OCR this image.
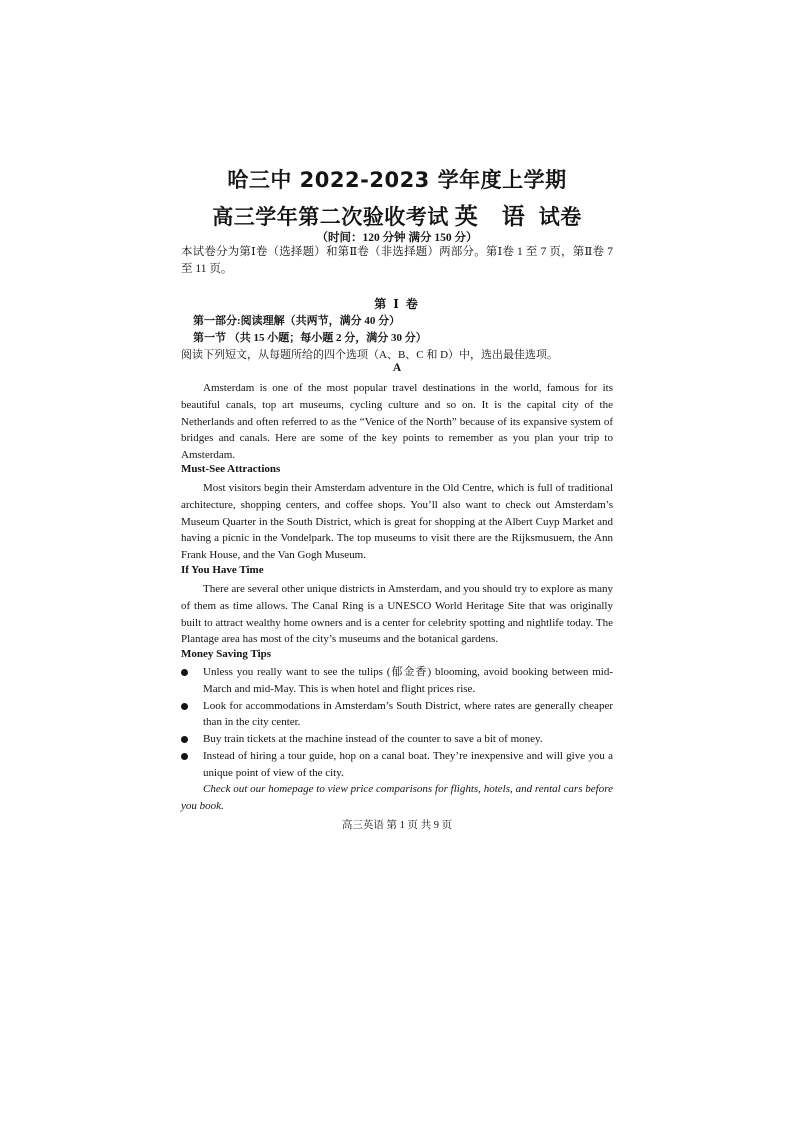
哈三中 2022-2023 学年度上学期
高三学年第二次验收考试 英 语 试卷
（时间：120 分钟 满分 150 分）
本试卷分为第Ⅰ卷（选择题）和第Ⅱ卷（非选择题）两部分。第Ⅰ卷 1 至 7 页，第Ⅱ卷 7 至 11 页。
第 Ⅰ 卷
第一部分:阅读理解（共两节，满分 40 分）
第一节 （共 15 小题；每小题 2 分，满分 30 分）
阅读下列短文，从每题所给的四个选项（A、B、C 和 D）中，选出最佳选项。
A
Amsterdam is one of the most popular travel destinations in the world, famous for its beautiful canals, top art museums, cycling culture and so on. It is the capital city of the Netherlands and often referred to as the “Venice of the North” because of its expansive system of bridges and canals. Here are some of the key points to remember as you plan your trip to Amsterdam.
Must-See Attractions
Most visitors begin their Amsterdam adventure in the Old Centre, which is full of traditional architecture, shopping centers, and coffee shops. You’ll also want to check out Amsterdam’s Museum Quarter in the South District, which is great for shopping at the Albert Cuyp Market and having a picnic in the Vondelpark. The top museums to visit there are the Rijksmusuem, the Ann Frank House, and the Van Gogh Museum.
If You Have Time
There are several other unique districts in Amsterdam, and you should try to explore as many of them as time allows. The Canal Ring is a UNESCO World Heritage Site that was originally built to attract wealthy home owners and is a center for celebrity spotting and nightlife today. The Plantage area has most of the city’s museums and the botanical gardens.
Money Saving Tips
Unless you really want to see the tulips (郁金香) blooming, avoid booking between mid-March and mid-May. This is when hotel and flight prices rise.
Look for accommodations in Amsterdam’s South District, where rates are generally cheaper than in the city center.
Buy train tickets at the machine instead of the counter to save a bit of money.
Instead of hiring a tour guide, hop on a canal boat. They’re inexpensive and will give you a unique point of view of the city.
Check out our homepage to view price comparisons for flights, hotels, and rental cars before you book.
高三英语 第 1 页 共 9 页
